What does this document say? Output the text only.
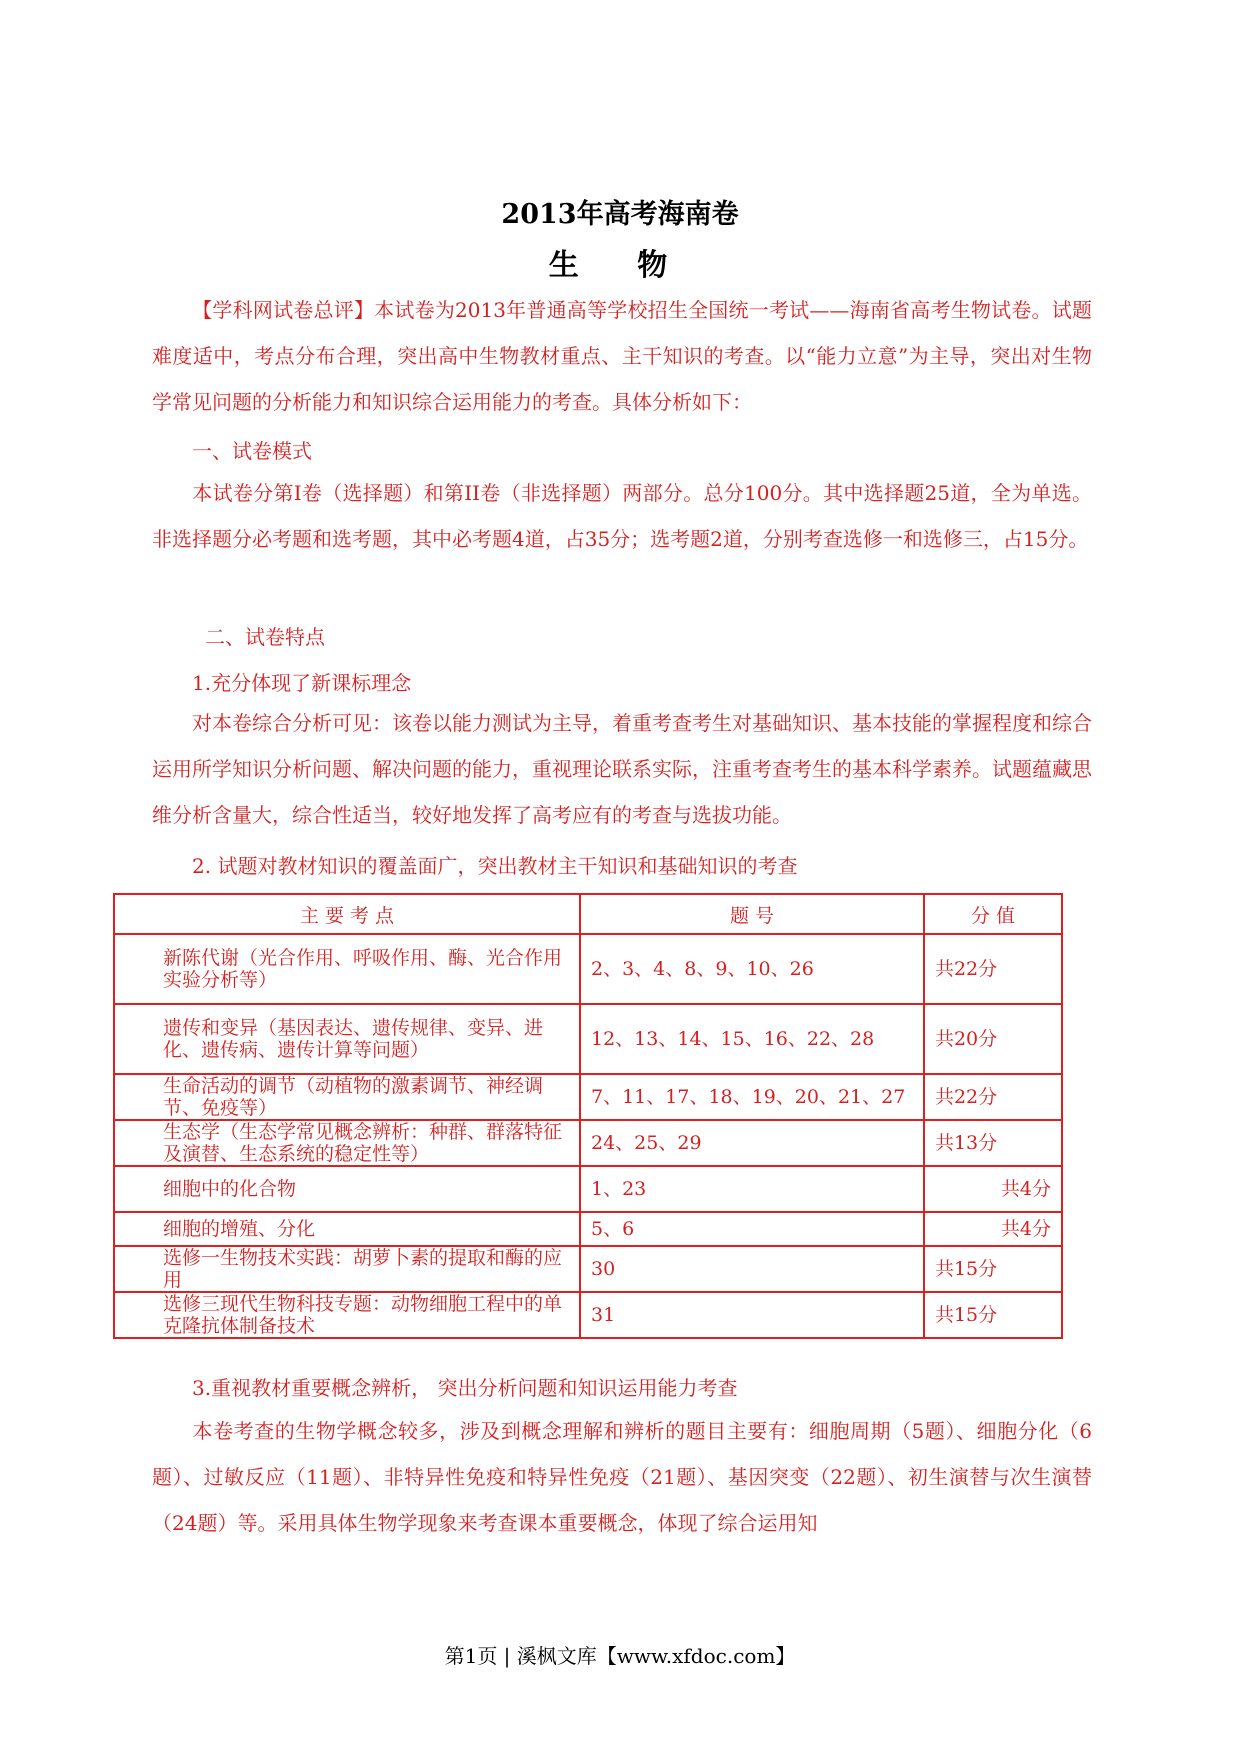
2013年高考海南卷
生 物
【学科网试卷总评】本试卷为2013年普通高等学校招生全国统一考试——海南省高考生物试卷。试题难度适中，考点分布合理，突出高中生物教材重点、主干知识的考查。以“能力立意”为主导，突出对生物学常见问题的分析能力和知识综合运用能力的考查。具体分析如下：
一、试卷模式
本试卷分第I卷（选择题）和第II卷（非选择题）两部分。总分100分。其中选择题25道，全为单选。非选择题分必考题和选考题，其中必考题4道，占35分；选考题2道，分别考查选修一和选修三，占15分。
二、试卷特点
1.充分体现了新课标理念
对本卷综合分析可见：该卷以能力测试为主导，着重考查考生对基础知识、基本技能的掌握程度和综合运用所学知识分析问题、解决问题的能力，重视理论联系实际，注重考查考生的基本科学素养。试题蕴藏思维分析含量大，综合性适当，较好地发挥了高考应有的考查与选拔功能。
2. 试题对教材知识的覆盖面广，突出教材主干知识和基础知识的考查
主 要 考 点	题 号	分 值
新陈代谢（光合作用、呼吸作用、酶、光合作用实验分析等）	2、3、4、8、9、10、26	共22分
遗传和变异（基因表达、遗传规律、变异、进化、遗传病、遗传计算等问题）	12、13、14、15、16、22、28	共20分
生命活动的调节（动植物的激素调节、神经调节、免疫等）	7、11、17、18、19、20、21、27	共22分
生态学（生态学常见概念辨析：种群、群落特征及演替、生态系统的稳定性等）	24、25、29	共13分
细胞中的化合物	1、23	共4分
细胞的增殖、分化	5、6	共4分
选修一生物技术实践：胡萝卜素的提取和酶的应用	30	共15分
选修三现代生物科技专题：动物细胞工程中的单克隆抗体制备技术	31	共15分
3.重视教材重要概念辨析， 突出分析问题和知识运用能力考查
本卷考查的生物学概念较多，涉及到概念理解和辨析的题目主要有：细胞周期（5题）、细胞分化（6题）、过敏反应（11题）、非特异性免疫和特异性免疫（21题）、基因突变（22题）、初生演替与次生演替（24题）等。采用具体生物学现象来考查课本重要概念，体现了综合运用知
第1页 | 溪枫文库【www.xfdoc.com】
